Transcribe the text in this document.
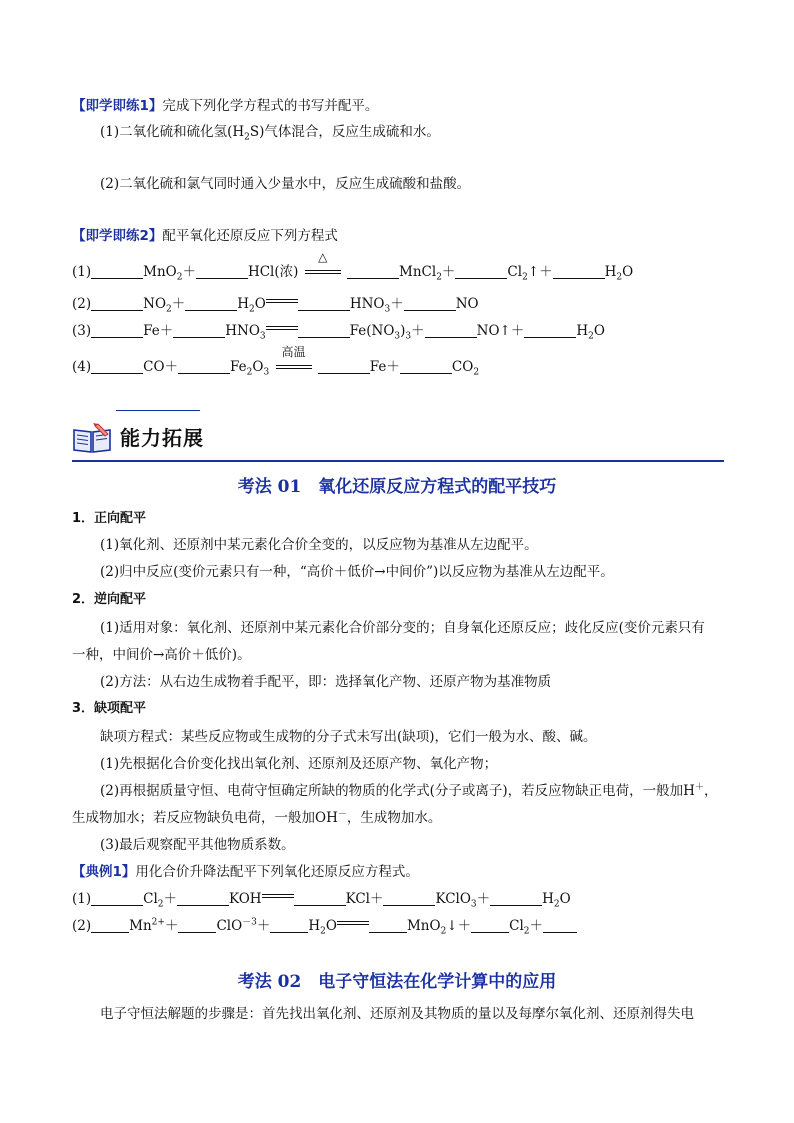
【即学即练1】完成下列化学方程式的书写并配平。
(1)二氧化硫和硫化氢$(H_2S)$气体混合，反应生成硫和水。
(2)二氧化硫和氯气同时通入少量水中，反应生成硫酸和盐酸。
【即学即练2】配平氧化还原反应下列方程式
(1)	MnO$_2$＋	HCl(浓)
△
MnCl$_2$＋	$Cl_2↑+$	$H_2O$
(2)	$NO_2+$	$H_2O$	$HNO_3+$	NO
(3)	Fe＋	$HNO_3$	$Fe(NO_3)_3+$	NO↑＋	$H_2O$
(4)	CO＋	$Fe_2O_3$
高温
Fe＋	$CO_2$
能力拓展
考法 01　氧化还原反应方程式的配平技巧
1．正向配平
(1)氧化剂、还原剂中某元素化合价全变的，以反应物为基准从左边配平。
(2)归中反应(变价元素只有一种，“高价＋低价→中间价”)以反应物为基准从左边配平。
2．逆向配平
(1)适用对象：氧化剂、还原剂中某元素化合价部分变的；自身氧化还原反应；歧化反应(变价元素只有
一种，中间价→高价＋低价)。
(2)方法：从右边生成物着手配平，即：选择氧化产物、还原产物为基准物质
3．缺项配平
缺项方程式：某些反应物或生成物的分子式未写出(缺项)，它们一般为水、酸、碱。
(1)先根据化合价变化找出氧化剂、还原剂及还原产物、氧化产物；
(2)再根据质量守恒、电荷守恒确定所缺的物质的化学式(分子或离子)，若反应物缺正电荷，一般加H＋，
生成物加水；若反应物缺负电荷，一般加OH－，生成物加水。
(3)最后观察配平其他物质系数。
【典例1】用化合价升降法配平下列氧化还原反应方程式。
(1)	$Cl_2+$	KOH	KCl＋	KClO$_3$＋	$H_2O$
(2)	$Mn^{2+}+$	ClO$^{-3}$＋	$H_2O$	MnO$_2$↓＋	$Cl_2+$
考法 02　电子守恒法在化学计算中的应用
电子守恒法解题的步骤是：首先找出氧化剂、还原剂及其物质的量以及每摩尔氧化剂、还原剂得失电
